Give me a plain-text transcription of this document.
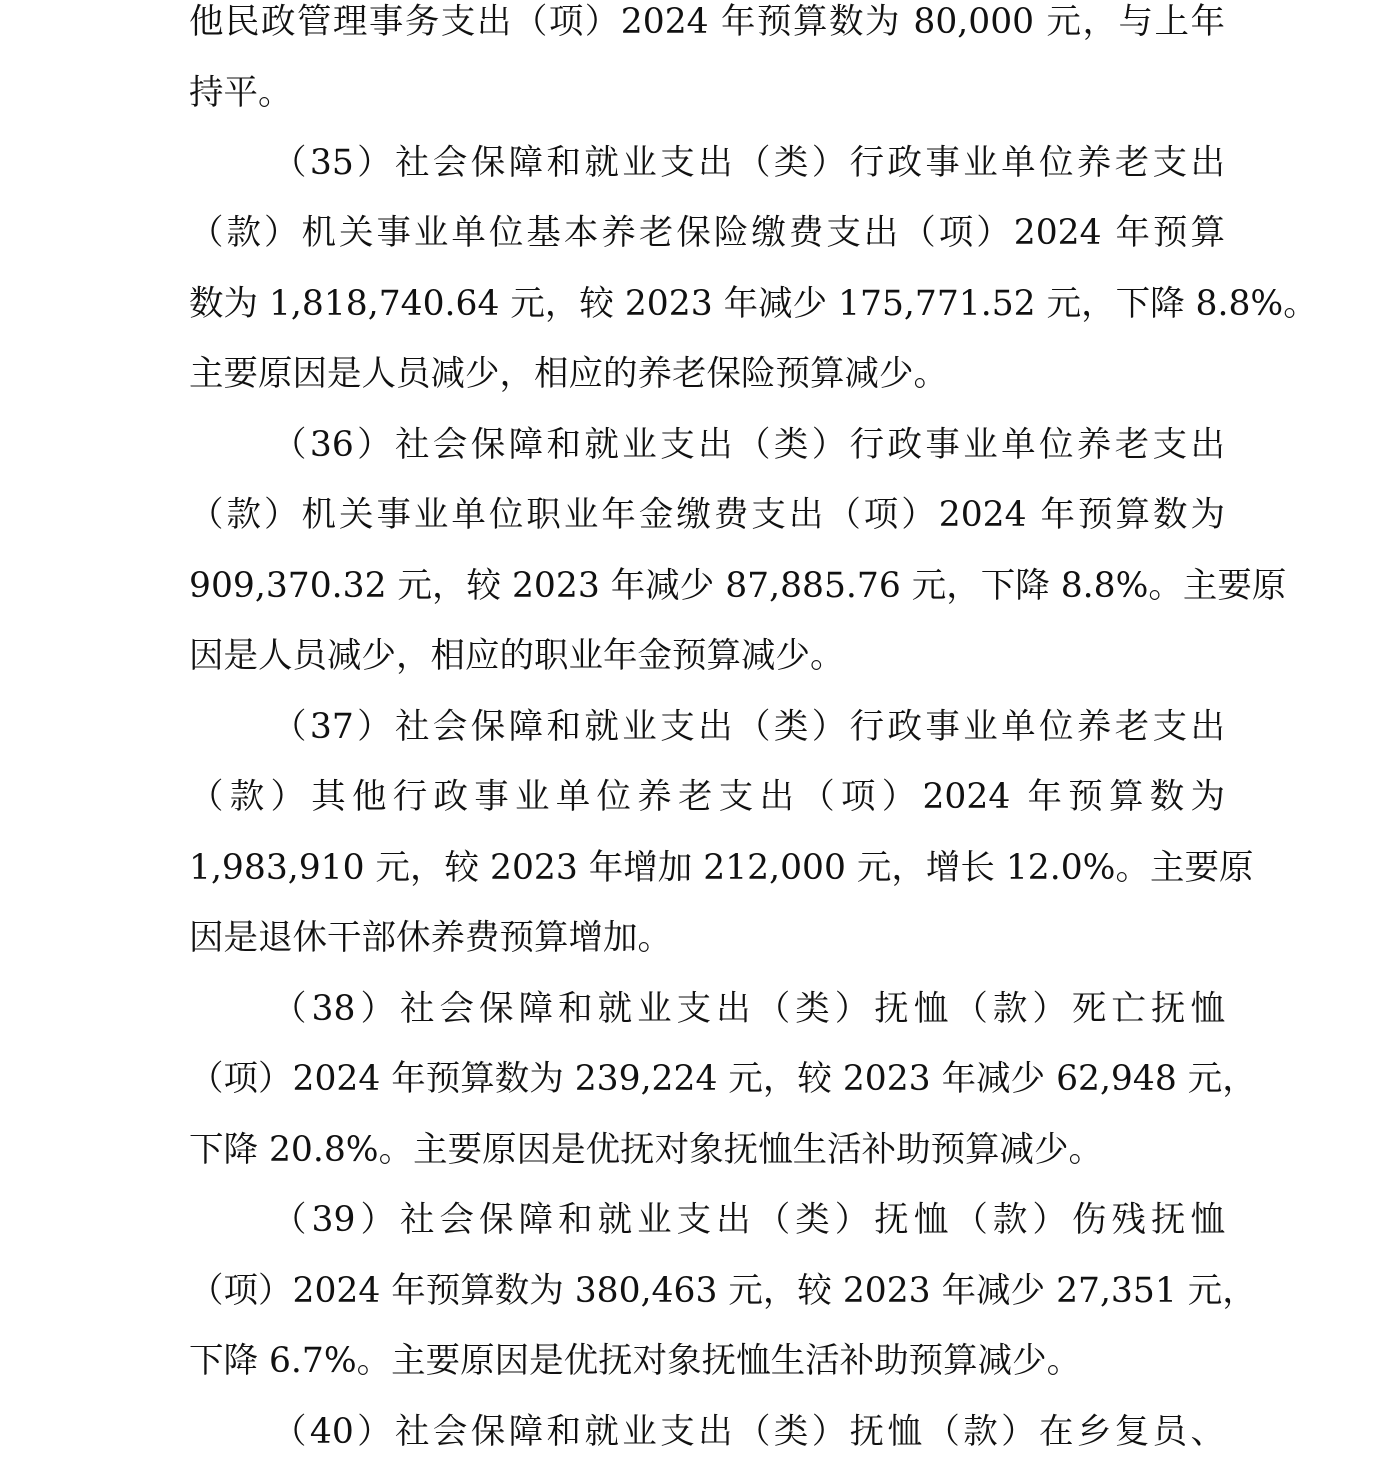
他民政管理事务支出（项）2024 年预算数为 80,000 元，与上年
持平。
（35）社会保障和就业支出（类）行政事业单位养老支出
（款）机关事业单位基本养老保险缴费支出（项）2024 年预算
数为 1,818,740.64 元，较 2023 年减少 175,771.52 元，下降 8.8%。
主要原因是人员减少，相应的养老保险预算减少。
（36）社会保障和就业支出（类）行政事业单位养老支出
（款）机关事业单位职业年金缴费支出（项）2024 年预算数为
909,370.32 元，较 2023 年减少 87,885.76 元，下降 8.8%。主要原
因是人员减少，相应的职业年金预算减少。
（37）社会保障和就业支出（类）行政事业单位养老支出
（款）其他行政事业单位养老支出（项）2024 年预算数为
1,983,910 元，较 2023 年增加 212,000 元，增长 12.0%。主要原
因是退休干部休养费预算增加。
（38）社会保障和就业支出（类）抚恤（款）死亡抚恤
（项）2024 年预算数为 239,224 元，较 2023 年减少 62,948 元，
下降 20.8%。主要原因是优抚对象抚恤生活补助预算减少。
（39）社会保障和就业支出（类）抚恤（款）伤残抚恤
（项）2024 年预算数为 380,463 元，较 2023 年减少 27,351 元，
下降 6.7%。主要原因是优抚对象抚恤生活补助预算减少。
（40）社会保障和就业支出（类）抚恤（款）在乡复员、
